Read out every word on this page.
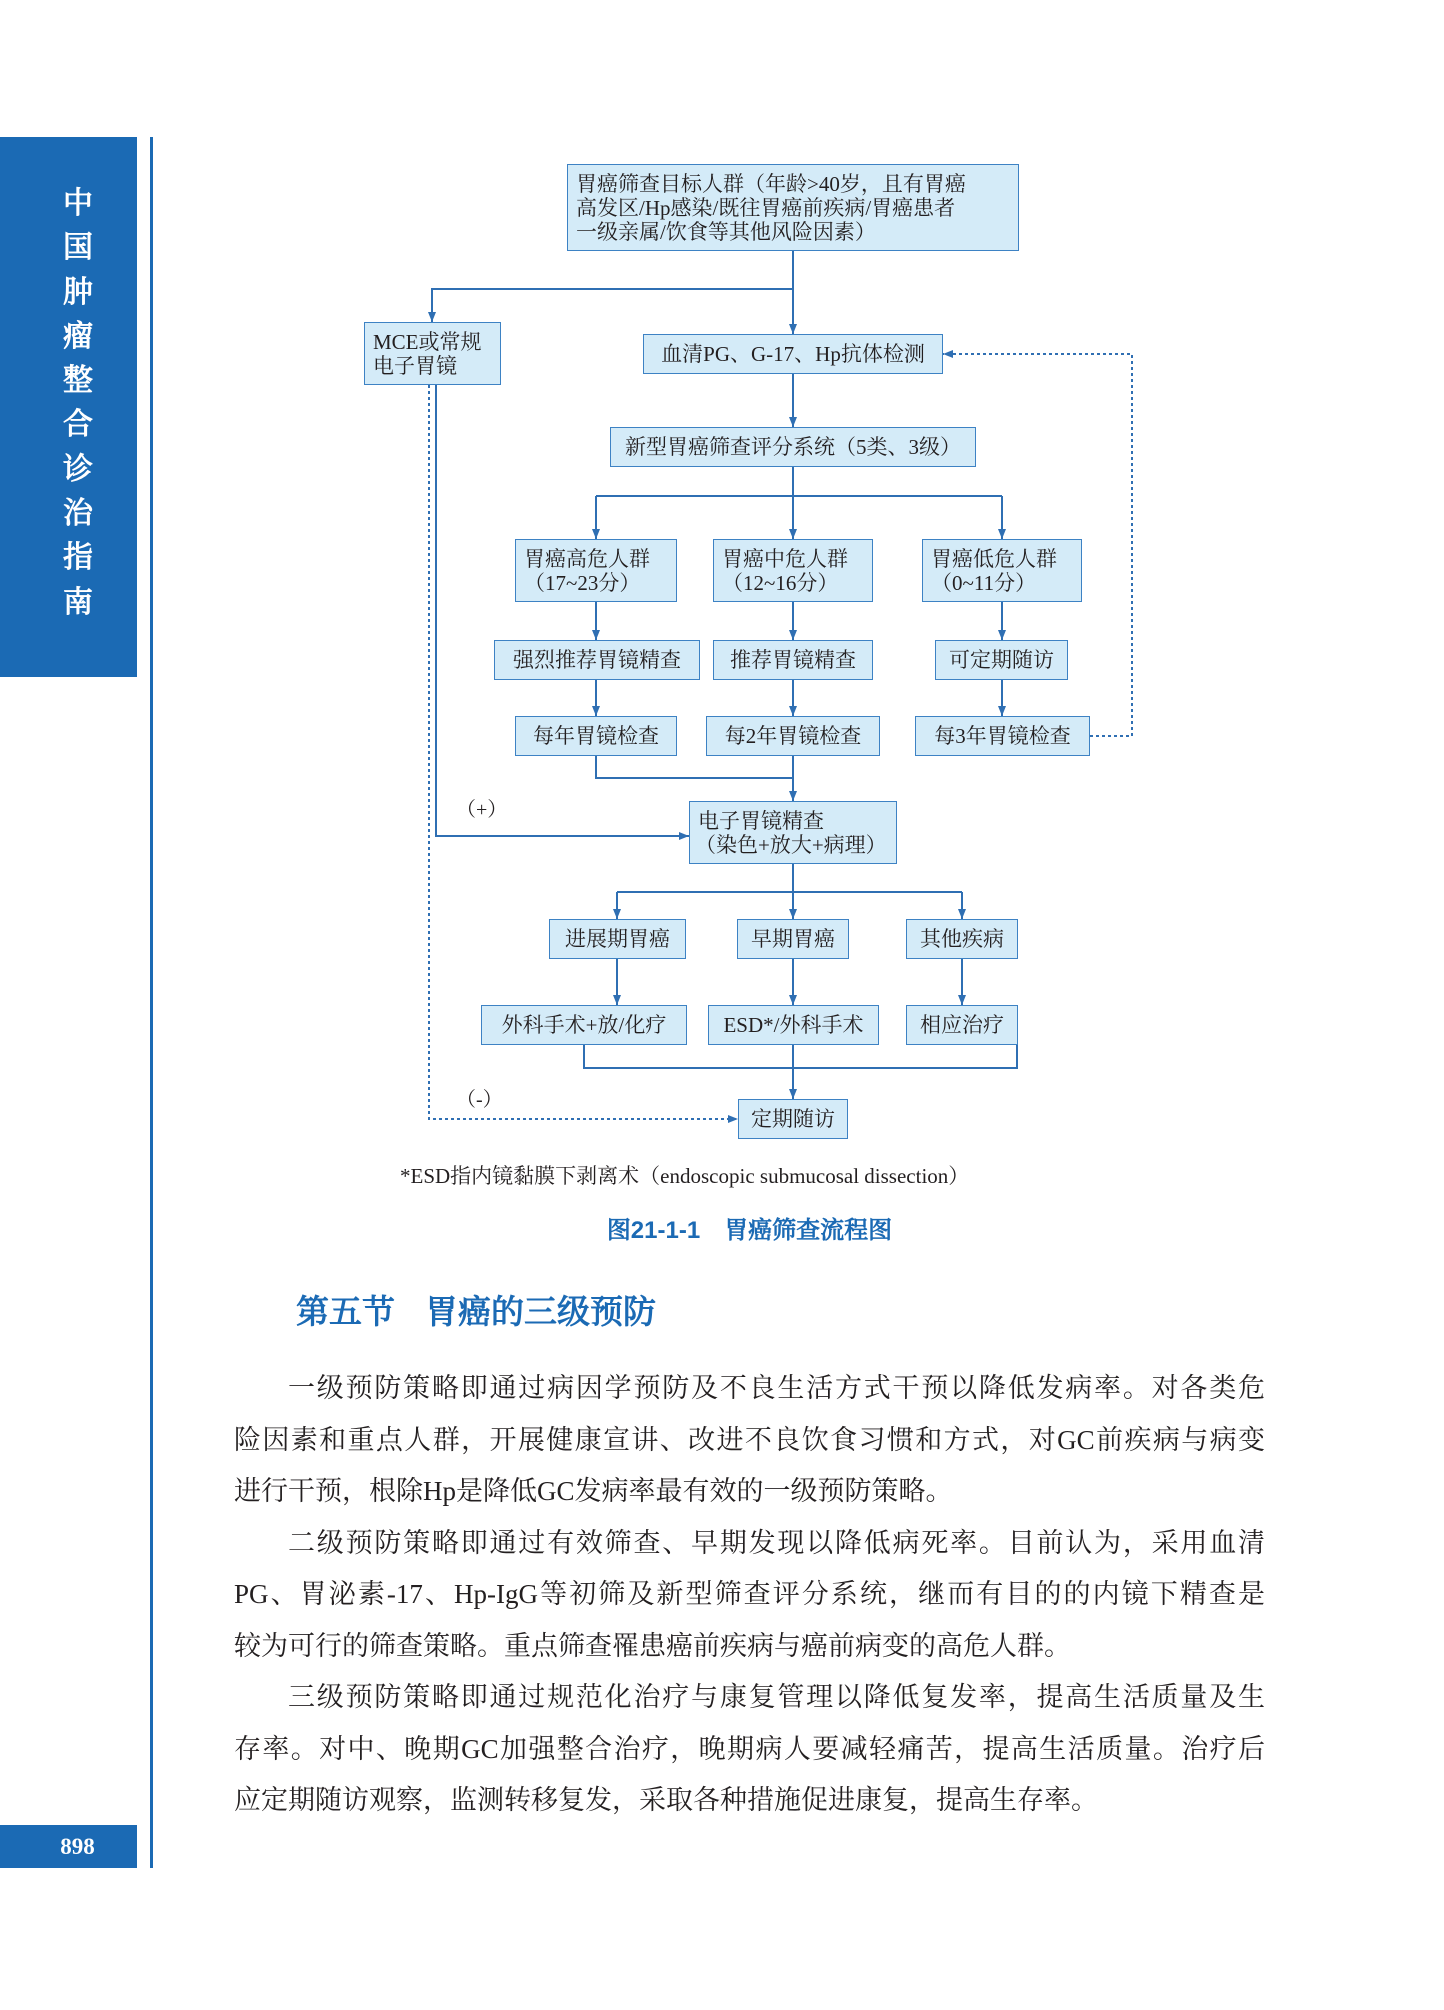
中国肿瘤整合诊治指南
898
胃癌筛查目标人群（年龄>40岁，且有胃癌
高发区/Hp感染/既往胃癌前疾病/胃癌患者
一级亲属/饮食等其他风险因素）
MCE或常规
电子胃镜	血清PG、G-17、Hp抗体检测
新型胃癌筛查评分系统（5类、3级）
胃癌高危人群
（17~23分）
胃癌中危人群
（12~16分）
胃癌低危人群
（0~11分）
强烈推荐胃镜精查 推荐胃镜精查	可定期随访
每年胃镜检查	每2年胃镜检查	每3年胃镜检查
（+）	电子胃镜精查
（染色+放大+病理）
进展期胃癌	早期胃癌	其他疾病
外科手术+放/化疗	ESD*/外科手术	相应治疗
（-）
定期随访
*ESD指内镜黏膜下剥离术（endoscopic submucosal dissection）
图21-1-1 胃癌筛查流程图
第五节 胃癌的三级预防
一级预防策略即通过病因学预防及不良生活方式干预以降低发病率。对各类危
险因素和重点人群，开展健康宣讲、改进不良饮食习惯和方式，对GC前疾病与病变
进行干预，根除Hp是降低GC发病率最有效的一级预防策略。
二级预防策略即通过有效筛查、早期发现以降低病死率。目前认为，采用血清
PG、胃泌素-17、Hp-IgG等初筛及新型筛查评分系统，继而有目的的内镜下精查是
较为可行的筛查策略。重点筛查罹患癌前疾病与癌前病变的高危人群。
三级预防策略即通过规范化治疗与康复管理以降低复发率，提高生活质量及生
存率。对中、晚期GC加强整合治疗，晚期病人要减轻痛苦，提高生活质量。治疗后
应定期随访观察，监测转移复发，采取各种措施促进康复，提高生存率。
